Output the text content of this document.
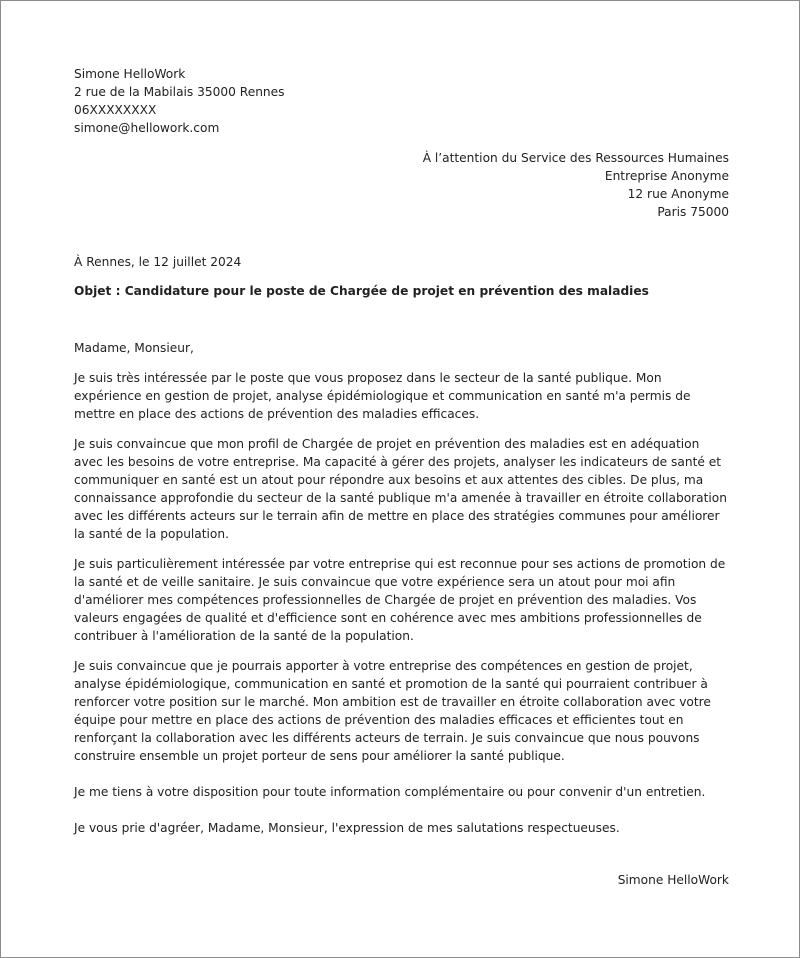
Simone HelloWork
2 rue de la Mabilais 35000 Rennes
06XXXXXXXX
simone@hellowork.com
À l’attention du Service des Ressources Humaines
Entreprise Anonyme
12 rue Anonyme
Paris 75000

À Rennes, le 12 juillet 2024

Objet : Candidature pour le poste de Chargée de projet en prévention des maladies

Madame, Monsieur,

Je suis très intéressée par le poste que vous proposez dans le secteur de la santé publique. Mon expérience en gestion de projet, analyse épidémiologique et communication en santé m'a permis de mettre en place des actions de prévention des maladies efficaces.

Je suis convaincue que mon profil de Chargée de projet en prévention des maladies est en adéquation avec les besoins de votre entreprise. Ma capacité à gérer des projets, analyser les indicateurs de santé et communiquer en santé est un atout pour répondre aux besoins et aux attentes des cibles. De plus, ma connaissance approfondie du secteur de la santé publique m'a amenée à travailler en étroite collaboration avec les différents acteurs sur le terrain afin de mettre en place des stratégies communes pour améliorer la santé de la population.

Je suis particulièrement intéressée par votre entreprise qui est reconnue pour ses actions de promotion de la santé et de veille sanitaire. Je suis convaincue que votre expérience sera un atout pour moi afin d'améliorer mes compétences professionnelles de Chargée de projet en prévention des maladies. Vos valeurs engagées de qualité et d'efficience sont en cohérence avec mes ambitions professionnelles de contribuer à l'amélioration de la santé de la population.

Je suis convaincue que je pourrais apporter à votre entreprise des compétences en gestion de projet, analyse épidémiologique, communication en santé et promotion de la santé qui pourraient contribuer à renforcer votre position sur le marché. Mon ambition est de travailler en étroite collaboration avec votre équipe pour mettre en place des actions de prévention des maladies efficaces et efficientes tout en renforçant la collaboration avec les différents acteurs de terrain. Je suis convaincue que nous pouvons construire ensemble un projet porteur de sens pour améliorer la santé publique.

Je me tiens à votre disposition pour toute information complémentaire ou pour convenir d'un entretien.

Je vous prie d'agréer, Madame, Monsieur, l'expression de mes salutations respectueuses.

Simone HelloWork
